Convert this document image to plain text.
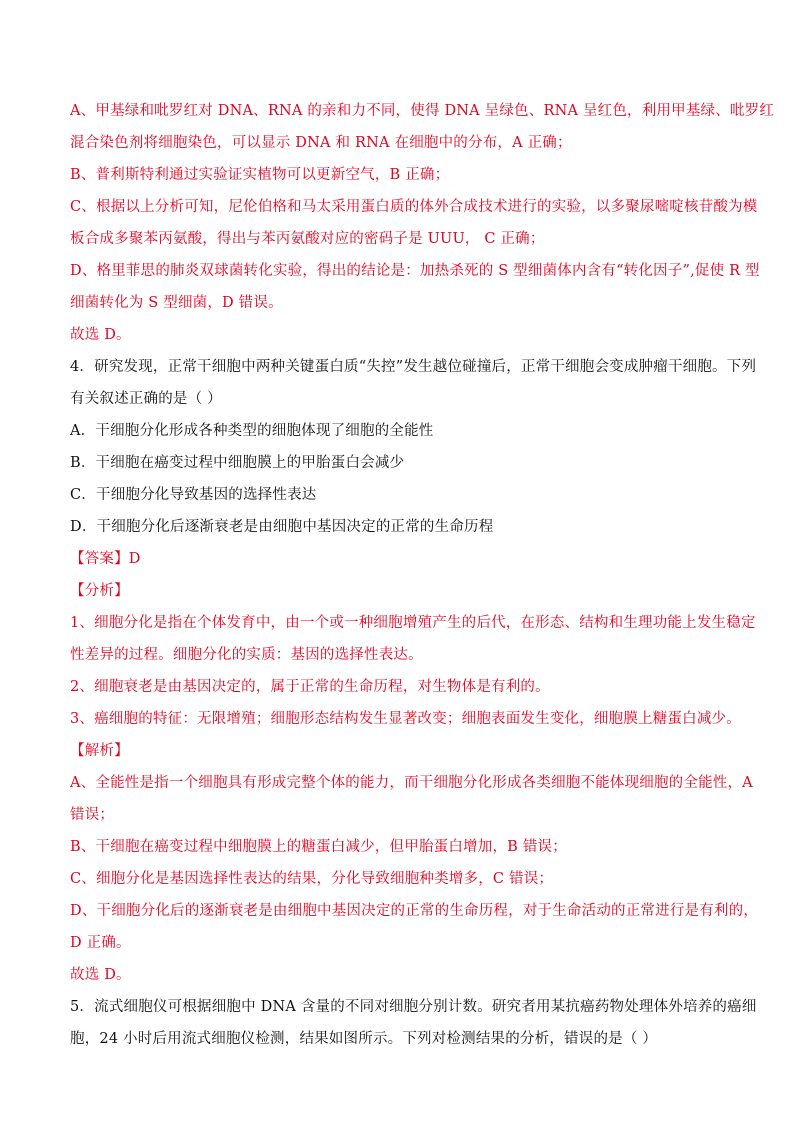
A、甲基绿和吡罗红对 DNA、RNA 的亲和力不同，使得 DNA 呈绿色、RNA 呈红色，利用甲基绿、吡罗红
混合染色剂将细胞染色，可以显示 DNA 和 RNA 在细胞中的分布，A 正确；
B、普利斯特利通过实验证实植物可以更新空气，B 正确；
C、根据以上分析可知，尼伦伯格和马太采用蛋白质的体外合成技术进行的实验，以多聚尿嘧啶核苷酸为模
板合成多聚苯丙氨酸，得出与苯丙氨酸对应的密码子是 UUU， C 正确；
D、格里菲思的肺炎双球菌转化实验，得出的结论是：加热杀死的 S 型细菌体内含有“转化因子”,促使 R 型
细菌转化为 S 型细菌，D 错误。
故选 D。
4．研究发现，正常干细胞中两种关键蛋白质“失控”发生越位碰撞后，正常干细胞会变成肿瘤干细胞。下列
有关叙述正确的是（ ）
A．干细胞分化形成各种类型的细胞体现了细胞的全能性
B．干细胞在癌变过程中细胞膜上的甲胎蛋白会减少
C．干细胞分化导致基因的选择性表达
D．干细胞分化后逐渐衰老是由细胞中基因决定的正常的生命历程
【答案】D
【分析】
1、细胞分化是指在个体发育中，由一个或一种细胞增殖产生的后代，在形态、结构和生理功能上发生稳定
性差异的过程。细胞分化的实质：基因的选择性表达。
2、细胞衰老是由基因决定的，属于正常的生命历程，对生物体是有利的。
3、癌细胞的特征：无限增殖；细胞形态结构发生显著改变；细胞表面发生变化，细胞膜上糖蛋白减少。
【解析】
A、全能性是指一个细胞具有形成完整个体的能力，而干细胞分化形成各类细胞不能体现细胞的全能性，A
错误；
B、干细胞在癌变过程中细胞膜上的糖蛋白减少，但甲胎蛋白增加，B 错误；
C、细胞分化是基因选择性表达的结果，分化导致细胞种类增多，C 错误；
D、干细胞分化后的逐渐衰老是由细胞中基因决定的正常的生命历程，对于生命活动的正常进行是有利的，
D 正确。
故选 D。
5．流式细胞仪可根据细胞中 DNA 含量的不同对细胞分别计数。研究者用某抗癌药物处理体外培养的癌细
胞，24 小时后用流式细胞仪检测，结果如图所示。下列对检测结果的分析，错误的是（ ）
